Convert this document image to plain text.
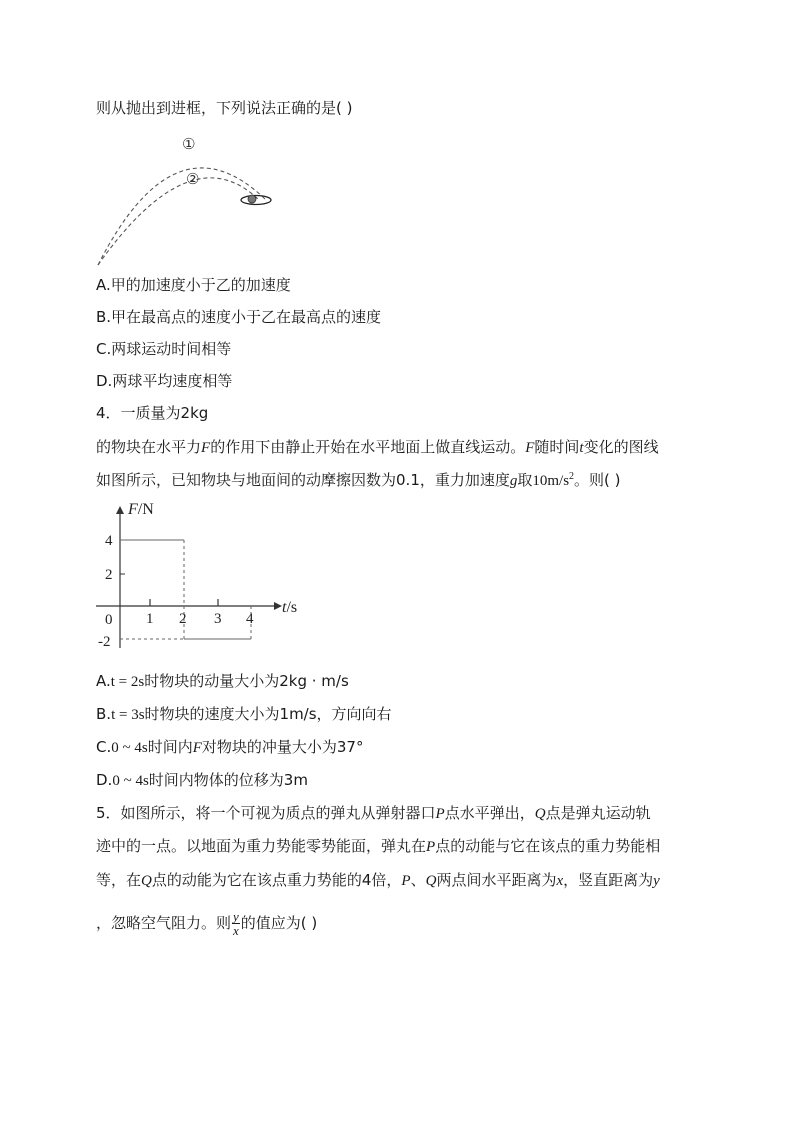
则从抛出到进框，下列说法正确的是( )
①
②
A.甲的加速度小于乙的加速度
B.甲在最高点的速度小于乙在最高点的速度
C.两球运动时间相等
D.两球平均速度相等
4．一质量为2kg
的物块在水平力F的作用下由静止开始在水平地面上做直线运动。F随时间t变化的图线
如图所示，已知物块与地面间的动摩擦因数为0.1，重力加速度g取$10m/s^2$。则( )
F/N
t/s
0
4
2
-2
1 2 3 4
A.t = 2s时物块的动量大小为2kg · m/s
B.t = 3s时物块的速度大小为1m/s，方向向右
C.0 ~ 4s时间内F对物块的冲量大小为37°
D.0 ~ 4s时间内物体的位移为3m
5．如图所示，将一个可视为质点的弹丸从弹射器口P点水平弹出，Q点是弹丸运动轨
迹中的一点。以地面为重力势能零势能面，弹丸在P点的动能与它在该点的重力势能相
等，在Q点的动能为它在该点重力势能的4倍，P、Q两点间水平距离为x，竖直距离为y
，忽略空气阻力。则 $\frac{y}{x}$ 的值应为( )
